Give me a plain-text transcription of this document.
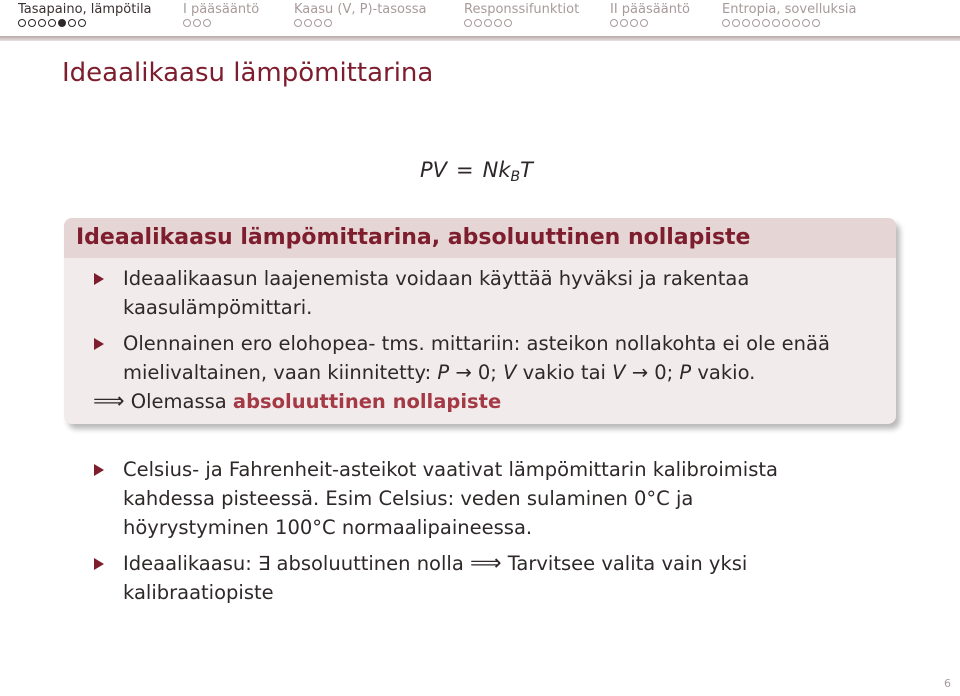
Tasapaino, lämpötila I pääsääntö	Kaasu (V, P)-tasossa	Responssifunktiot II pääsääntö Entropia, sovelluksia
Ideaalikaasu lämpömittarina
PV = $Nk_BT$
Ideaalikaasu lämpömittarina, absoluuttinen nollapiste
Ideaalikaasun laajenemista voidaan käyttää hyväksi ja rakentaa
kaasulämpömittari.
Olennainen ero elohopea- tms. mittariin: asteikon nollakohta ei ole enää
mielivaltainen, vaan kiinnitetty: P → 0; V vakio tai V → 0; P vakio.
⟹ Olemassa absoluuttinen nollapiste
Celsius- ja Fahrenheit-asteikot vaativat lämpömittarin kalibroimista
kahdessa pisteessä. Esim Celsius: veden sulaminen 0°C ja
höyrystyminen 100°C normaalipaineessa.
Ideaalikaasu: ∃ absoluuttinen nolla ⟹ Tarvitsee valita vain yksi
kalibraatiopiste
6
